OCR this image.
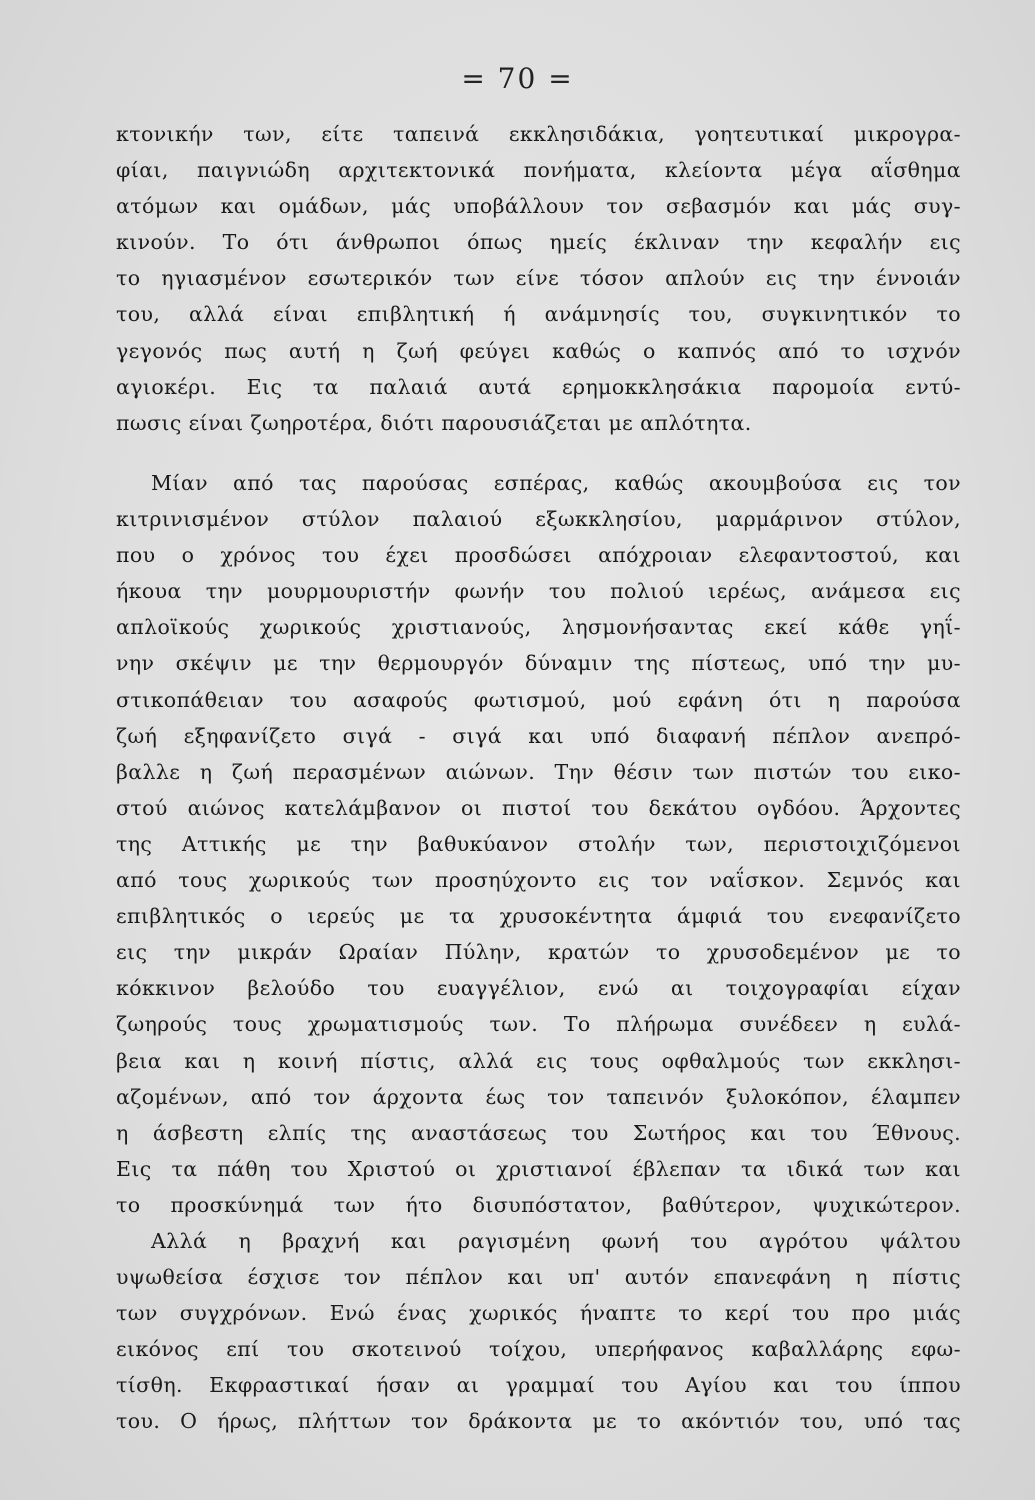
= 70 =
κτονικήν των, είτε ταπεινά εκκλησιδάκια, γοητευτικαί μικρογρα-
φίαι, παιγνιώδη αρχιτεκτονικά πονήματα, κλείοντα μέγα αΐσθημα
ατόμων και ομάδων, μάς υποβάλλουν τον σεβασμόν και μάς συγ-
κινούν. Το ότι άνθρωποι όπως ημείς έκλιναν την κεφαλήν εις
το ηγιασμένον εσωτερικόν των είνε τόσον απλούν εις την έννοιάν
του, αλλά είναι επιβλητική ή ανάμνησίς του, συγκινητικόν το
γεγονός πως αυτή η ζωή φεύγει καθώς ο καπνός από το ισχνόν
αγιοκέρι. Εις τα παλαιά αυτά ερημοκκλησάκια παρομοία εντύ-
πωσις είναι ζωηροτέρα, διότι παρουσιάζεται με απλότητα.
Μίαν από τας παρούσας εσπέρας, καθώς ακουμβούσα εις τον
κιτρινισμένον στύλον παλαιού εξωκκλησίου, μαρμάρινον στύλον,
που ο χρόνος του έχει προσδώσει απόχροιαν ελεφαντοστού, και
ήκουα την μουρμουριστήν φωνήν του πολιού ιερέως, ανάμεσα εις
απλοϊκούς χωρικούς χριστιανούς, λησμονήσαντας εκεί κάθε γηΐ-
νην σκέψιν με την θερμουργόν δύναμιν της πίστεως, υπό την μυ-
στικοπάθειαν του ασαφούς φωτισμού, μού εφάνη ότι η παρούσα
ζωή εξηφανίζετο σιγά - σιγά και υπό διαφανή πέπλον ανεπρό-
βαλλε η ζωή περασμένων αιώνων. Την θέσιν των πιστών του εικο-
στού αιώνος κατελάμβανον οι πιστοί του δεκάτου ογδόου. Άρχοντες
της Αττικής με την βαθυκύανον στολήν των, περιστοιχιζόμενοι
από τους χωρικούς των προσηύχοντο εις τον ναΐσκον. Σεμνός και
επιβλητικός ο ιερεύς με τα χρυσοκέντητα άμφιά του ενεφανίζετο
εις την μικράν Ωραίαν Πύλην, κρατών το χρυσοδεμένον με το
κόκκινον βελούδο του ευαγγέλιον, ενώ αι τοιχογραφίαι είχαν
ζωηρούς τους χρωματισμούς των. Το πλήρωμα συνέδεεν η ευλά-
βεια και η κοινή πίστις, αλλά εις τους οφθαλμούς των εκκλησι-
αζομένων, από τον άρχοντα έως τον ταπεινόν ξυλοκόπον, έλαμπεν
η άσβεστη ελπίς της αναστάσεως του Σωτήρος και του Έθνους.
Εις τα πάθη του Χριστού οι χριστιανοί έβλεπαν τα ιδικά των και
το προσκύνημά των ήτο δισυπόστατον, βαθύτερον, ψυχικώτερον.
Αλλά η βραχνή και ραγισμένη φωνή του αγρότου ψάλτου
υψωθείσα έσχισε τον πέπλον και υπ' αυτόν επανεφάνη η πίστις
των συγχρόνων. Ενώ ένας χωρικός ήναπτε το κερί του προ μιάς
εικόνος επί του σκοτεινού τοίχου, υπερήφανος καβαλλάρης εφω-
τίσθη. Εκφραστικαί ήσαν αι γραμμαί του Αγίου και του ίππου
του. Ο ήρως, πλήττων τον δράκοντα με το ακόντιόν του, υπό τας
